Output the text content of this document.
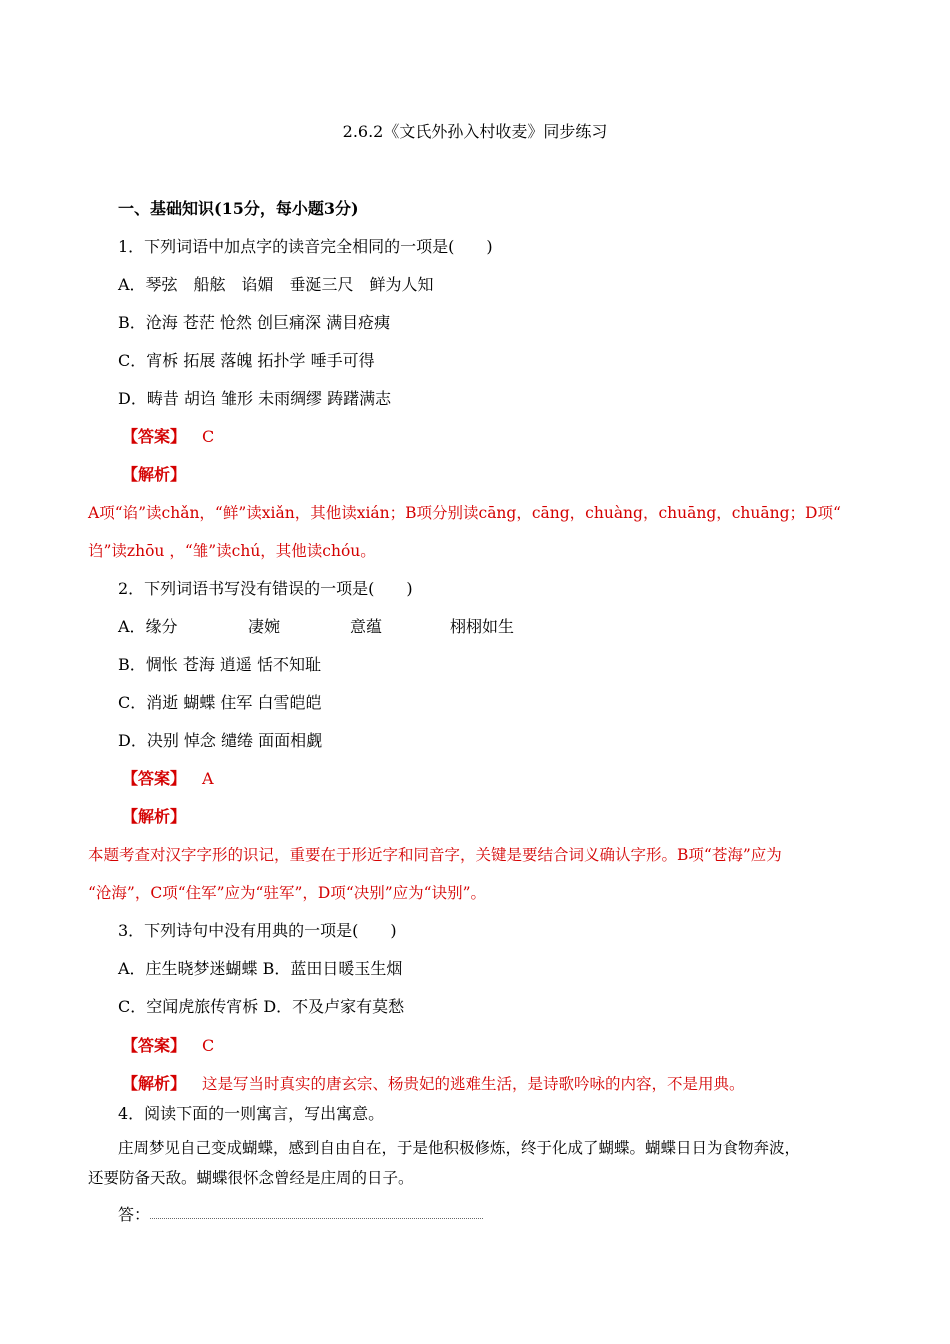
2.6.2《文氏外孙入村收麦》同步练习
一、基础知识(15分，每小题3分)
1．下列词语中加点字的读音完全相同的一项是(　　)
A．琴弦　船舷　谄媚　垂涎三尺　鲜为人知
B．沧海 苍茫 怆然 创巨痛深 满目疮痍
C．宵柝 拓展 落魄 拓扑学 唾手可得
D．畴昔 胡诌 雏形 未雨绸缪 踌躇满志
【答案】 C
【解析】
A项“谄”读chǎn，“鲜”读xiǎn，其他读xián；B项分别读cāng，cāng，chuàng，chuāng，chuāng；D项“
诌”读zhōu ，“雏”读chú，其他读chóu。
2．下列词语书写没有错误的一项是(　　)
A．缘分	凄婉	意蕴	栩栩如生
B．惆怅 苍海 逍遥 恬不知耻
C．消逝 蝴蝶 住军 白雪皑皑
D．决别 悼念 缱绻 面面相觑
【答案】 A
【解析】
本题考查对汉字字形的识记，重要在于形近字和同音字，关键是要结合词义确认字形。B项“苍海”应为
“沧海”，C项“住军”应为“驻军”，D项“决别”应为“诀别”。
3．下列诗句中没有用典的一项是(　　)
A．庄生晓梦迷蝴蝶 B．蓝田日暖玉生烟
C．空闻虎旅传宵柝 D．不及卢家有莫愁
【答案】 C
【解析】 这是写当时真实的唐玄宗、杨贵妃的逃难生活，是诗歌吟咏的内容，不是用典。
4．阅读下面的一则寓言，写出寓意。
庄周梦见自己变成蝴蝶，感到自由自在，于是他积极修炼，终于化成了蝴蝶。蝴蝶日日为食物奔波，
还要防备天敌。蝴蝶很怀念曾经是庄周的日子。
答：
